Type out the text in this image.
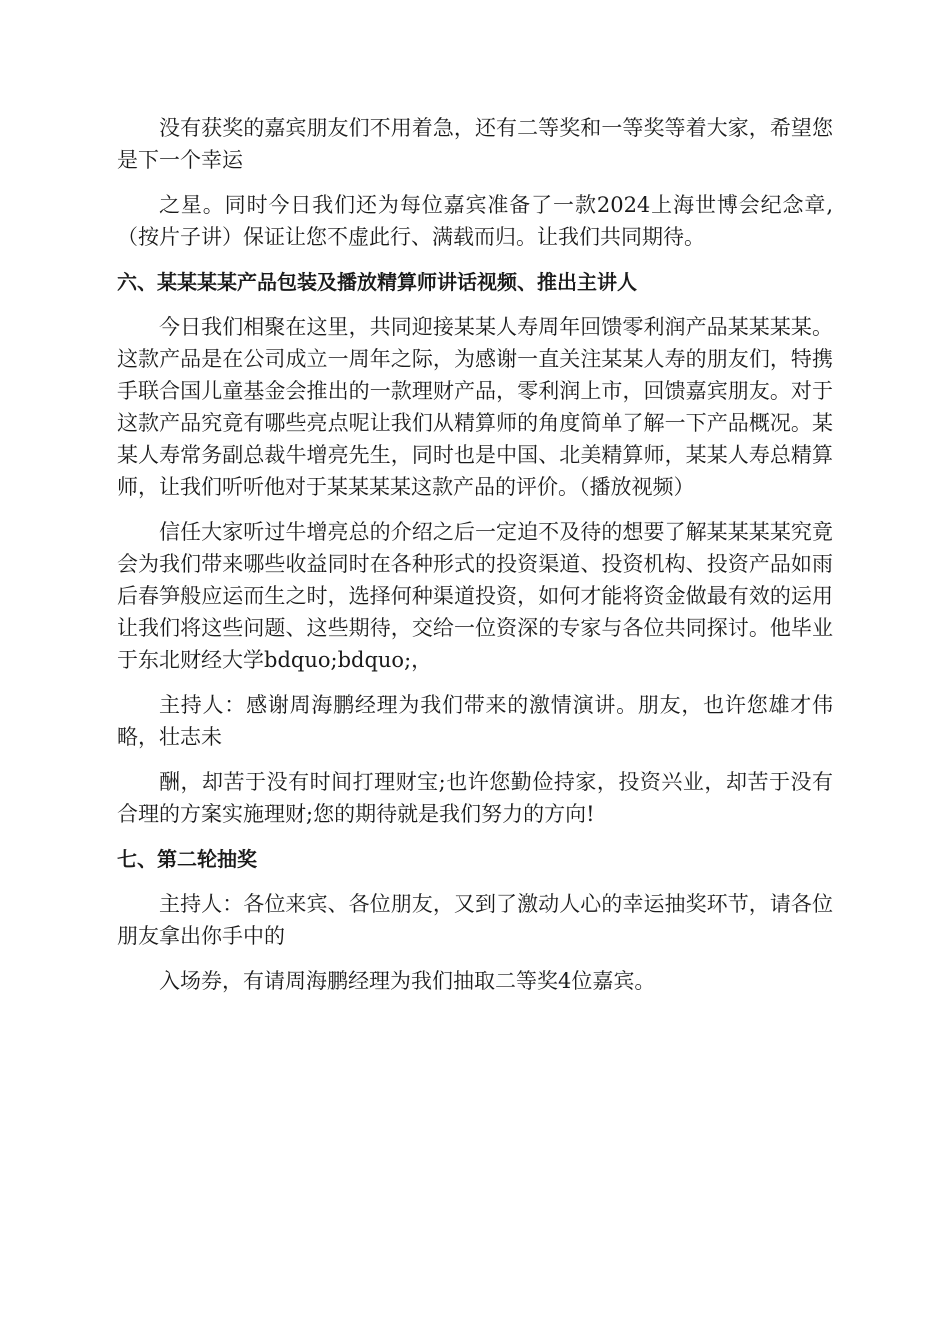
没有获奖的嘉宾朋友们不用着急，还有二等奖和一等奖等着大家，希望您是下一个幸运

之星。同时今日我们还为每位嘉宾准备了一款2024上海世博会纪念章,（按片子讲）保证让您不虚此行、满载而归。让我们共同期待。

六、某某某某产品包装及播放精算师讲话视频、推出主讲人

今日我们相聚在这里，共同迎接某某人寿周年回馈零利润产品某某某某。这款产品是在公司成立一周年之际，为感谢一直关注某某人寿的朋友们，特携手联合国儿童基金会推出的一款理财产品，零利润上市，回馈嘉宾朋友。对于这款产品究竟有哪些亮点呢让我们从精算师的角度简单了解一下产品概况。某某人寿常务副总裁牛增亮先生，同时也是中国、北美精算师，某某人寿总精算师，让我们听听他对于某某某某这款产品的评价。（播放视频）

信任大家听过牛增亮总的介绍之后一定迫不及待的想要了解某某某某究竟会为我们带来哪些收益同时在各种形式的投资渠道、投资机构、投资产品如雨后春笋般应运而生之时，选择何种渠道投资，如何才能将资金做最有效的运用让我们将这些问题、这些期待，交给一位资深的专家与各位共同探讨。他毕业于东北财经大学bdquo;bdquo;，

主持人：感谢周海鹏经理为我们带来的激情演讲。朋友，也许您雄才伟略，壮志未

酬，却苦于没有时间打理财宝;也许您勤俭持家，投资兴业，却苦于没有合理的方案实施理财;您的期待就是我们努力的方向!

七、第二轮抽奖

主持人：各位来宾、各位朋友，又到了激动人心的幸运抽奖环节，请各位朋友拿出你手中的

入场券，有请周海鹏经理为我们抽取二等奖4位嘉宾。
